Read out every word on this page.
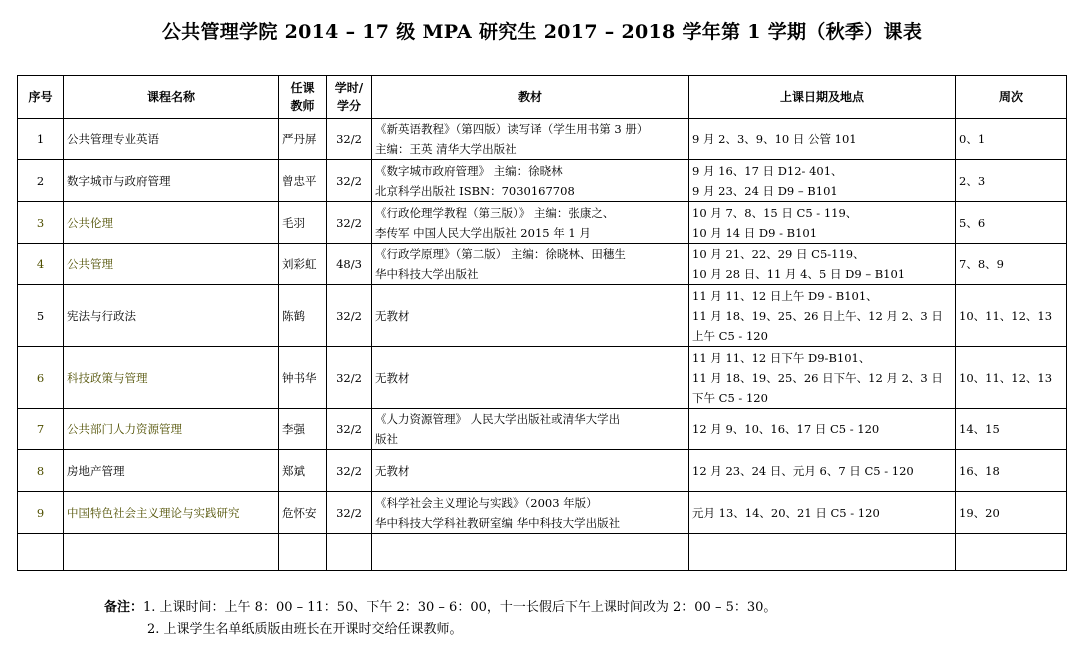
公共管理学院 2014 – 17 级 MPA 研究生 2017 – 2018 学年第 1 学期（秋季）课表
序号	课程名称	任课
教师	学时/
学分	教材	上课日期及地点	周次
1	公共管理专业英语	严丹屏	32/2	《新英语教程》（第四版）读写译（学生用书第 3 册）
主编：王英 清华大学出版社	9 月 2、3、9、10 日 公管 101	0、1
2	数字城市与政府管理	曾忠平	32/2	《数字城市政府管理》 主编：徐晓林
北京科学出版社 ISBN：7030167708	9 月 16、17 日 D12- 401、
9 月 23、24 日 D9 – B101	2、3
3	公共伦理	毛羽	32/2	《行政伦理学教程（第三版）》 主编：张康之、
李传军 中国人民大学出版社 2015 年 1 月	10 月 7、8、15 日 C5 - 119、
10 月 14 日 D9 - B101	5、6
4	公共管理	刘彩虹	48/3	《行政学原理》（第二版） 主编：徐晓林、田穗生
华中科技大学出版社	10 月 21、22、29 日 C5-119、
10 月 28 日、11 月 4、5 日 D9 – B101	7、8、9
5	宪法与行政法	陈鹤	32/2	无教材	11 月 11、12 日上午 D9 - B101、
11 月 18、19、25、26 日上午、12 月 2、3 日
上午 C5 - 120	10、11、12、13
6	科技政策与管理	钟书华	32/2	无教材	11 月 11、12 日下午 D9-B101、
11 月 18、19、25、26 日下午、12 月 2、3 日
下午 C5 - 120	10、11、12、13
7	公共部门人力资源管理	李强	32/2	《人力资源管理》 人民大学出版社或清华大学出
版社	12 月 9、10、16、17 日 C5 - 120	14、15
8	房地产管理	郑斌	32/2	无教材	12 月 23、24 日、元月 6、7 日 C5 - 120	16、18
9	中国特色社会主义理论与实践研究	危怀安	32/2	《科学社会主义理论与实践》（2003 年版）
华中科技大学科社教研室编 华中科技大学出版社	元月 13、14、20、21 日 C5 - 120	19、20

备注：1. 上课时间：上午 8：00 – 11：50、下午 2：30 – 6：00，十一长假后下午上课时间改为 2：00 – 5：30。
2. 上课学生名单纸质版由班长在开课时交给任课教师。
